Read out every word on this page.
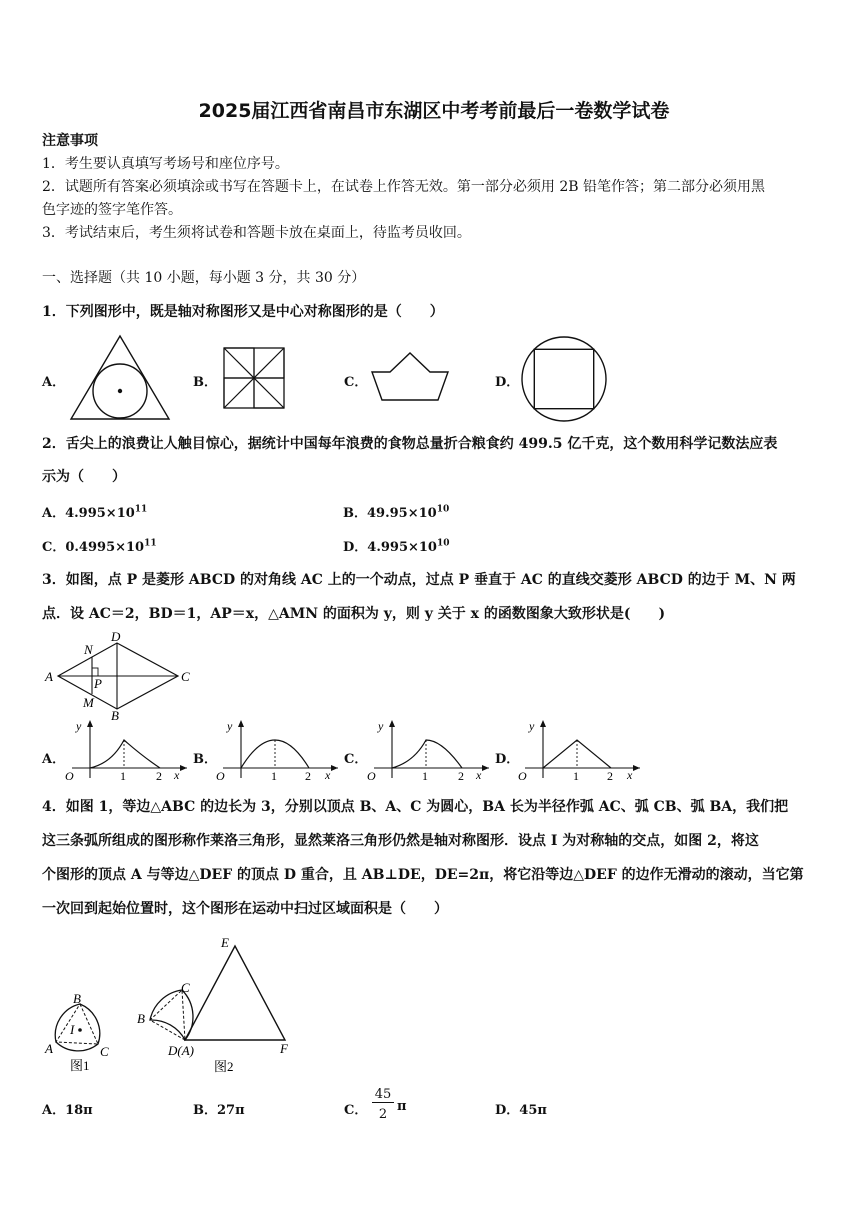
2025届江西省南昌市东湖区中考考前最后一卷数学试卷
注意事项
1．考生要认真填写考场号和座位序号。
2．试题所有答案必须填涂或书写在答题卡上，在试卷上作答无效。第一部分必须用 2B 铅笔作答；第二部分必须用黑
色字迹的签字笔作答。
3．考试结束后，考生须将试卷和答题卡放在桌面上，待监考员收回。
一、选择题（共 10 小题，每小题 3 分，共 30 分）
1．下列图形中，既是轴对称图形又是中心对称图形的是（　　）
A．	B．	C．	D．
2．舌尖上的浪费让人触目惊心，据统计中国每年浪费的食物总量折合粮食约 499.5 亿千克，这个数用科学记数法应表
示为（　　）
A．$4.995\times 10^{11}$	B．$49.95\times 10^{10}$
C．$0.4995\times 10^{11}$	D．$4.995\times 10^{10}$
3．如图，点 P 是菱形 ABCD 的对角线 AC 上的一个动点，过点 P 垂直于 AC 的直线交菱形 ABCD 的边于 M、N 两
点．设 AC＝2，BD＝1，AP＝x，△AMN 的面积为 y，则 y 关于 x 的函数图象大致形状是(　　)
A
B
C
D
N
P
M
A．	B．	C．	D．
y
O	1	2 x
y
O	1 2 x
y
O	1	2 x
y
O	1 2 x
4．如图 1，等边△ABC 的边长为 3，分别以顶点 B、A、C 为圆心，BA 长为半径作弧 AC、弧 CB、弧 BA，我们把
这三条弧所组成的图形称作莱洛三角形，显然莱洛三角形仍然是轴对称图形．设点 I 为对称轴的交点，如图 2，将这
个图形的顶点 A 与等边△DEF 的顶点 D 重合，且 AB⊥DE，DE=2π，将它沿等边△DEF 的边作无滑动的滚动，当它第
一次回到起始位置时，这个图形在运动中扫过区域面积是（　　）
B
I
A	C
图1
E
C
B
D(A)	F
图2
A．18π	B．27π	C．
45
2
π	D．45π
